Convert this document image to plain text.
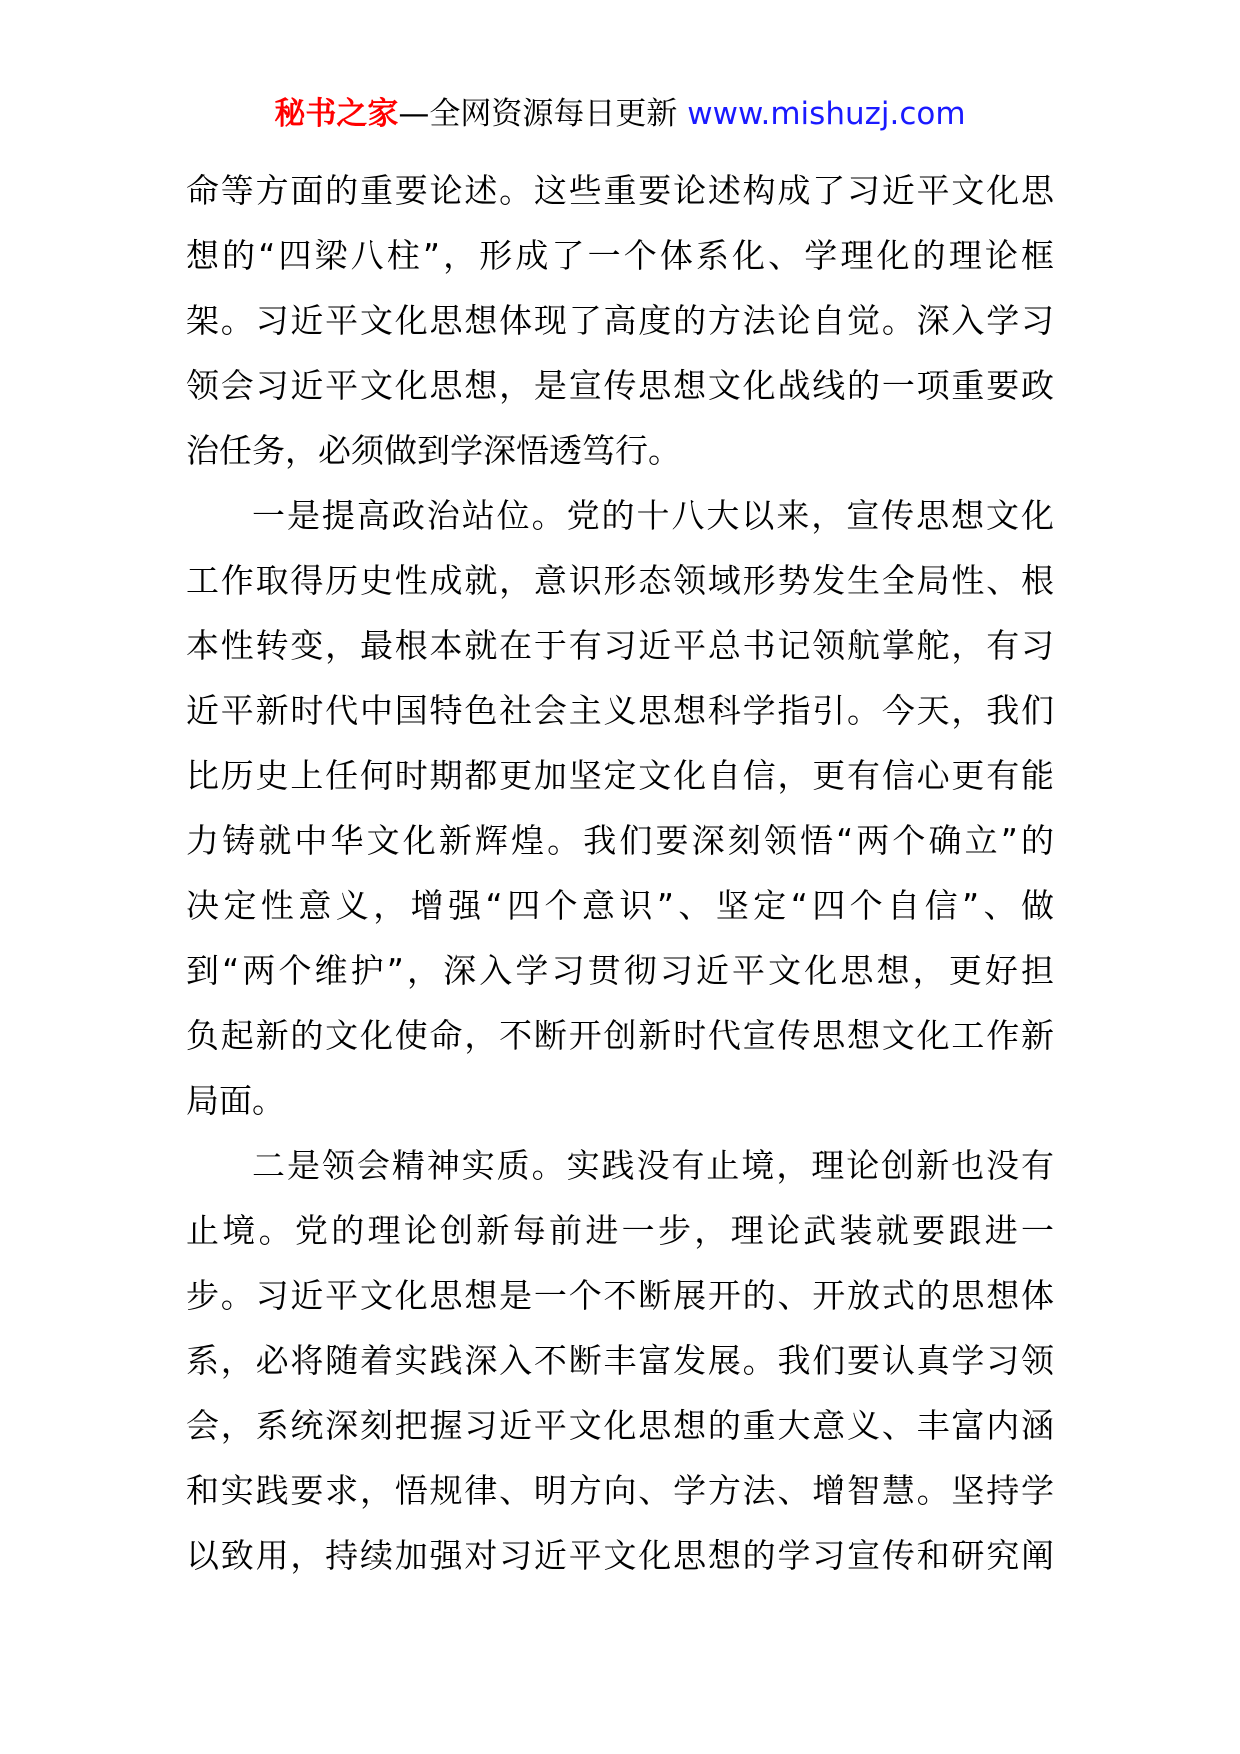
秘书之家—全网资源每日更新 www.mishuzj.com
命等方面的重要论述。这些重要论述构成了习近平文化思
想的“四梁八柱”，形成了一个体系化、学理化的理论框
架。习近平文化思想体现了高度的方法论自觉。深入学习
领会习近平文化思想，是宣传思想文化战线的一项重要政
治任务，必须做到学深悟透笃行。
一是提高政治站位。党的十八大以来，宣传思想文化
工作取得历史性成就，意识形态领域形势发生全局性、根
本性转变，最根本就在于有习近平总书记领航掌舵，有习
近平新时代中国特色社会主义思想科学指引。今天，我们
比历史上任何时期都更加坚定文化自信，更有信心更有能
力铸就中华文化新辉煌。我们要深刻领悟“两个确立”的
决定性意义，增强“四个意识”、坚定“四个自信”、做
到“两个维护”，深入学习贯彻习近平文化思想，更好担
负起新的文化使命，不断开创新时代宣传思想文化工作新
局面。
二是领会精神实质。实践没有止境，理论创新也没有
止境。党的理论创新每前进一步，理论武装就要跟进一
步。习近平文化思想是一个不断展开的、开放式的思想体
系，必将随着实践深入不断丰富发展。我们要认真学习领
会，系统深刻把握习近平文化思想的重大意义、丰富内涵
和实践要求，悟规律、明方向、学方法、增智慧。坚持学
以致用，持续加强对习近平文化思想的学习宣传和研究阐
